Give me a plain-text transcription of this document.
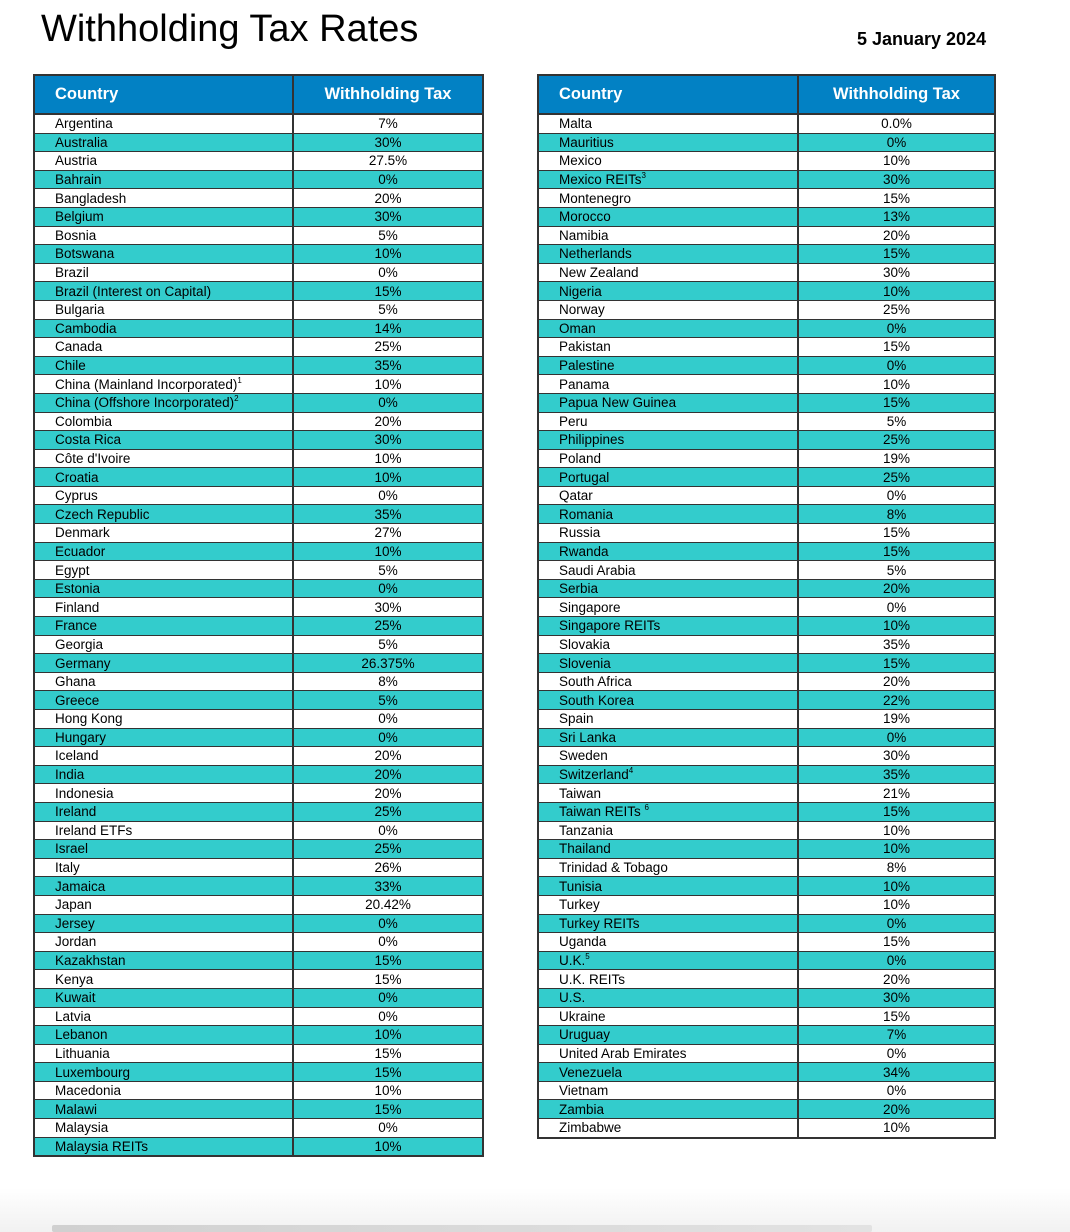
Withholding Tax Rates	5 January 2024
Country	Withholding Tax
Argentina	7%
Australia	30%
Austria	27.5%
Bahrain	0%
Bangladesh	20%
Belgium	30%
Bosnia	5%
Botswana	10%
Brazil	0%
Brazil (Interest on Capital)	15%
Bulgaria	5%
Cambodia	14%
Canada	25%
Chile	35%
China (Mainland Incorporated)$^1$	10%
China (Offshore Incorporated)$^2$	0%
Colombia	20%
Costa Rica	30%
Côte d'Ivoire	10%
Croatia	10%
Cyprus	0%
Czech Republic	35%
Denmark	27%
Ecuador	10%
Egypt	5%
Estonia	0%
Finland	30%
France	25%
Georgia	5%
Germany	26.375%
Ghana	8%
Greece	5%
Hong Kong	0%
Hungary	0%
Iceland	20%
India	20%
Indonesia	20%
Ireland	25%
Ireland ETFs	0%
Israel	25%
Italy	26%
Jamaica	33%
Japan	20.42%
Jersey	0%
Jordan	0%
Kazakhstan	15%
Kenya	15%
Kuwait	0%
Latvia	0%
Lebanon	10%
Lithuania	15%
Luxembourg	15%
Macedonia	10%
Malawi	15%
Malaysia	0%
Malaysia REITs	10%
Country	Withholding Tax
Malta	0.0%
Mauritius	0%
Mexico	10%
Mexico REITs$^3$	30%
Montenegro	15%
Morocco	13%
Namibia	20%
Netherlands	15%
New Zealand	30%
Nigeria	10%
Norway	25%
Oman	0%
Pakistan	15%
Palestine	0%
Panama	10%
Papua New Guinea	15%
Peru	5%
Philippines	25%
Poland	19%
Portugal	25%
Qatar	0%
Romania	8%
Russia	15%
Rwanda	15%
Saudi Arabia	5%
Serbia	20%
Singapore	0%
Singapore REITs	10%
Slovakia	35%
Slovenia	15%
South Africa	20%
South Korea	22%
Spain	19%
Sri Lanka	0%
Sweden	30%
Switzerland$^4$	35%
Taiwan	21%
Taiwan REITs $^6$	15%
Tanzania	10%
Thailand	10%
Trinidad & Tobago	8%
Tunisia	10%
Turkey	10%
Turkey REITs	0%
Uganda	15%
U.K.$^5$	0%
U.K. REITs	20%
U.S.	30%
Ukraine	15%
Uruguay	7%
United Arab Emirates	0%
Venezuela	34%
Vietnam	0%
Zambia	20%
Zimbabwe	10%
